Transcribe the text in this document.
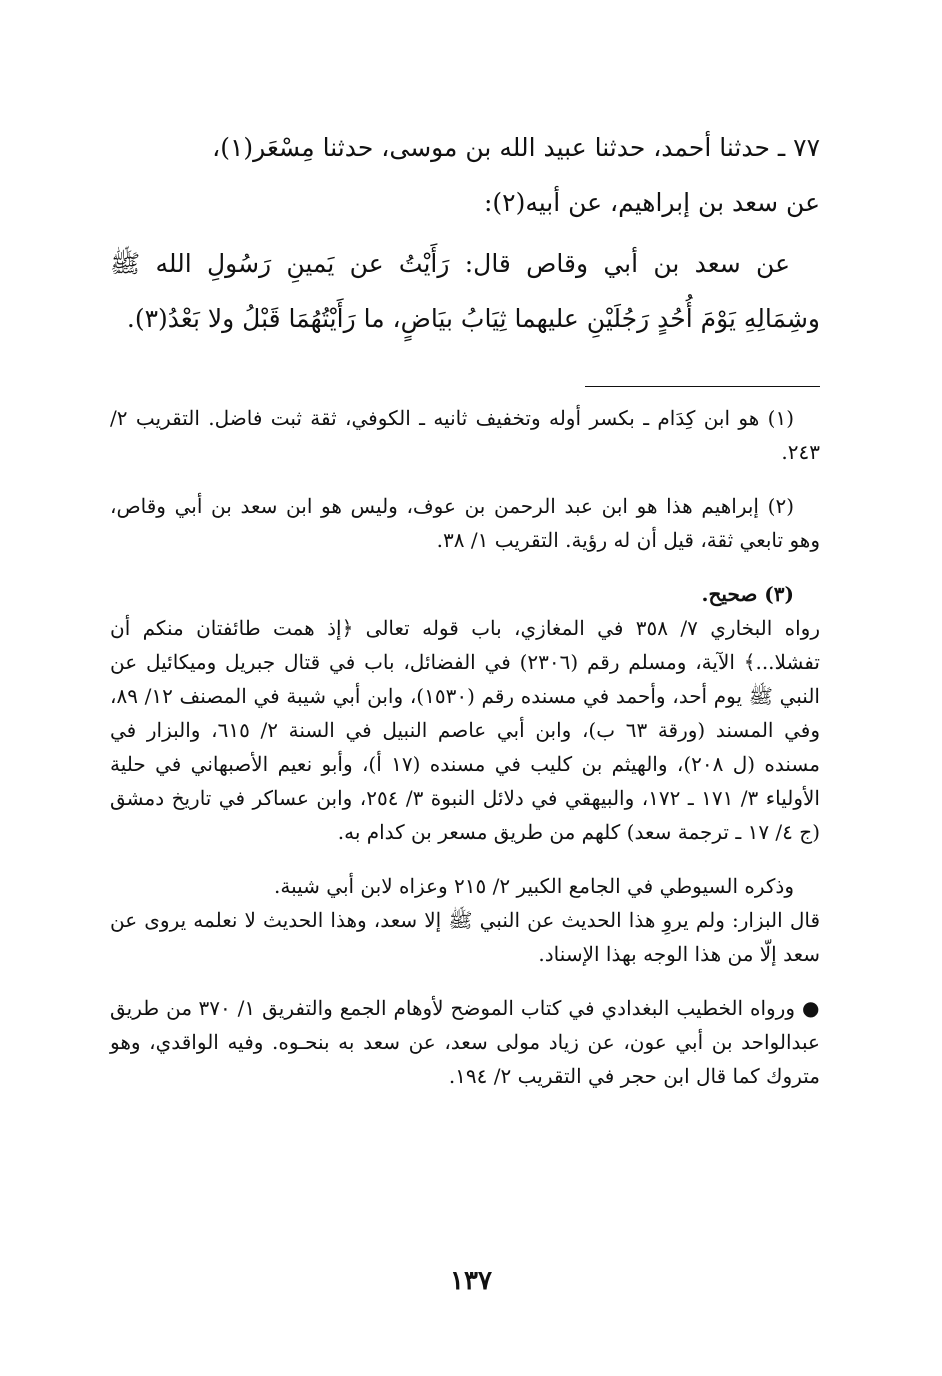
٧٧ ـ حدثنا أحمد، حدثنا عبيد الله بن موسى، حدثنا مِسْعَر(١)،

عن سعد بن إبراهيم، عن أبيه(٢):

عن سعد بن أبي وقاص قال: رَأَيْتُ عن يَمينِ رَسُولِ الله ﷺ وشِمَالِهِ يَوْمَ أُحُدٍ رَجُلَيْنِ عليهما ثِيَابُ بيَاضٍ، ما رَأَيْتُهُمَا قَبْلُ ولا بَعْدُ(٣).

(١) هو ابن كِدَام ـ بكسر أوله وتخفيف ثانيه ـ الكوفي، ثقة ثبت فاضل. التقريب ٢/ ٢٤٣.

(٢) إبراهيم هذا هو ابن عبد الرحمن بن عوف، وليس هو ابن سعد بن أبي وقاص، وهو تابعي ثقة، قيل أن له رؤية. التقريب ١/ ٣٨.

(٣) صحيح.

رواه البخاري ٧/ ٣٥٨ في المغازي، باب قوله تعالى ﴿إذ همت طائفتان منكم أن تفشلا...﴾ الآية، ومسلم رقم (٢٣٠٦) في الفضائل، باب في قتال جبريل وميكائيل عن النبي ﷺ يوم أحد، وأحمد في مسنده رقم (١٥٣٠)، وابن أبي شيبة في المصنف ١٢/ ٨٩، وفي المسند (ورقة ٦٣ ب)، وابن أبي عاصم النبيل في السنة ٢/ ٦١٥، والبزار في مسنده (ل ٢٠٨)، والهيثم بن كليب في مسنده (١٧ أ)، وأبو نعيم الأصبهاني في حلية الأولياء ٣/ ١٧١ ـ ١٧٢، والبيهقي في دلائل النبوة ٣/ ٢٥٤، وابن عساكر في تاريخ دمشق (ج ٤/ ١٧ ـ ترجمة سعد) كلهم من طريق مسعر بن كدام به.

وذكره السيوطي في الجامع الكبير ٢/ ٢١٥ وعزاه لابن أبي شيبة.

قال البزار: ولم يروِ هذا الحديث عن النبي ﷺ إلا سعد، وهذا الحديث لا نعلمه يروى عن سعد إلّا من هذا الوجه بهذا الإسناد.

● ورواه الخطيب البغدادي في كتاب الموضح لأوهام الجمع والتفريق ١/ ٣٧٠ من طريق عبدالواحد بن أبي عون، عن زياد مولى سعد، عن سعد به بنحـوه. وفيه الواقدي، وهو متروك كما قال ابن حجر في التقريب ٢/ ١٩٤.

١٣٧
